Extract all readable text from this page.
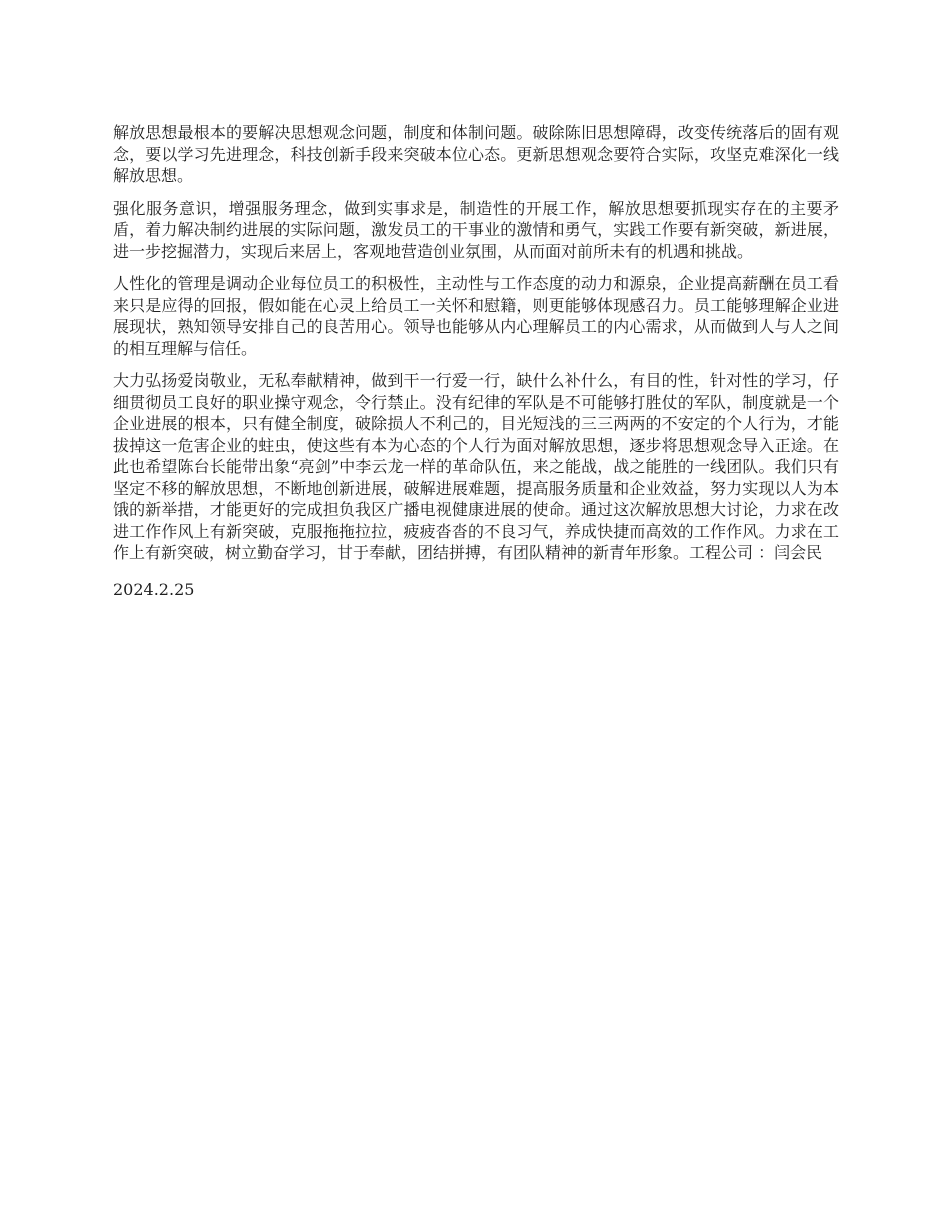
解放思想最根本的要解决思想观念问题，制度和体制问题。破除陈旧思想障碍，改变传统落后的固有观念，要以学习先进理念，科技创新手段来突破本位心态。更新思想观念要符合实际，攻坚克难深化一线解放思想。

强化服务意识，增强服务理念，做到实事求是，制造性的开展工作，解放思想要抓现实存在的主要矛盾，着力解决制约进展的实际问题，激发员工的干事业的激情和勇气，实践工作要有新突破，新进展，进一步挖掘潜力，实现后来居上，客观地营造创业氛围，从而面对前所未有的机遇和挑战。

人性化的管理是调动企业每位员工的积极性，主动性与工作态度的动力和源泉，企业提高薪酬在员工看来只是应得的回报，假如能在心灵上给员工一关怀和慰籍，则更能够体现感召力。员工能够理解企业进展现状，熟知领导安排自己的良苦用心。领导也能够从内心理解员工的内心需求，从而做到人与人之间的相互理解与信任。

大力弘扬爱岗敬业，无私奉献精神，做到干一行爱一行，缺什么补什么，有目的性，针对性的学习，仔细贯彻员工良好的职业操守观念，令行禁止。没有纪律的军队是不可能够打胜仗的军队，制度就是一个企业进展的根本，只有健全制度，破除损人不利己的，目光短浅的三三两两的不安定的个人行为，才能拔掉这一危害企业的蛀虫，使这些有本为心态的个人行为面对解放思想，逐步将思想观念导入正途。在此也希望陈台长能带出象“亮剑”中李云龙一样的革命队伍，来之能战，战之能胜的一线团队。我们只有坚定不移的解放思想，不断地创新进展，破解进展难题，提高服务质量和企业效益，努力实现以人为本饿的新举措，才能更好的完成担负我区广播电视健康进展的使命。通过这次解放思想大讨论，力求在改进工作作风上有新突破，克服拖拖拉拉，疲疲沓沓的不良习气，养成快捷而高效的工作作风。力求在工作上有新突破，树立勤奋学习，甘于奉献，团结拼搏，有团队精神的新青年形象。工程公司 ：闫会民

2024.2.25
